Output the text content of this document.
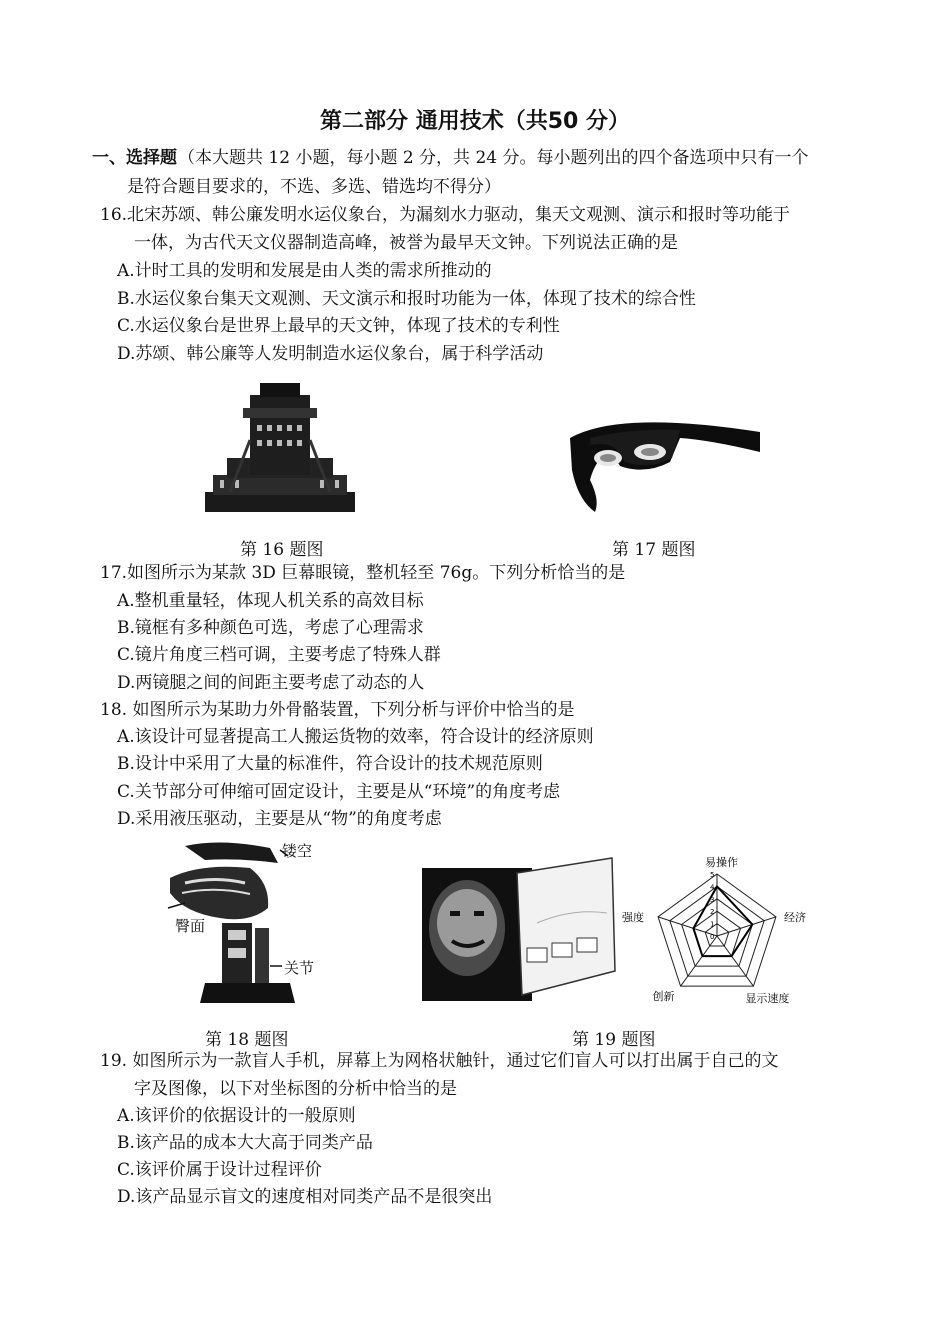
第二部分 通用技术（共50 分）
一、选择题 （本大题共 12 小题，每小题 2 分，共 24 分。每小题列出的四个备选项中只有一个
是符合题目要求的，不选、多选、错选均不得分）
16.北宋苏颂、韩公廉发明水运仪象台，为漏刻水力驱动，集天文观测、演示和报时等功能于
一体，为古代天文仪器制造高峰，被誉为最早天文钟。下列说法正确的是
A.计时工具的发明和发展是由人类的需求所推动的
B.水运仪象台集天文观测、天文演示和报时功能为一体，体现了技术的综合性
C.水运仪象台是世界上最早的天文钟，体现了技术的专利性
D.苏颂、韩公廉等人发明制造水运仪象台，属于科学活动
第 16 题图	第 17 题图
17.如图所示为某款 3D 巨幕眼镜，整机轻至 76g。下列分析恰当的是
A.整机重量轻，体现人机关系的高效目标
B.镜框有多种颜色可选，考虑了心理需求
C.镜片角度三档可调，主要考虑了特殊人群
D.两镜腿之间的间距主要考虑了动态的人
18. 如图所示为某助力外骨骼装置，下列分析与评价中恰当的是
A.该设计可显著提高工人搬运货物的效率，符合设计的经济原则
B.设计中采用了大量的标准件，符合设计的技术规范原则
C.关节部分可伸缩可固定设计，主要是从“环境”的角度考虑
D.采用液压驱动，主要是从“物”的角度考虑
镂空
臀面
关节
5
4
3
2
1
0
易操作
经济
显示速度
创新
强度
第 18 题图	第 19 题图
19. 如图所示为一款盲人手机，屏幕上为网格状触针，通过它们盲人可以打出属于自己的文
字及图像，以下对坐标图的分析中恰当的是
A.该评价的依据设计的一般原则
B.该产品的成本大大高于同类产品
C.该评价属于设计过程评价
D.该产品显示盲文的速度相对同类产品不是很突出
